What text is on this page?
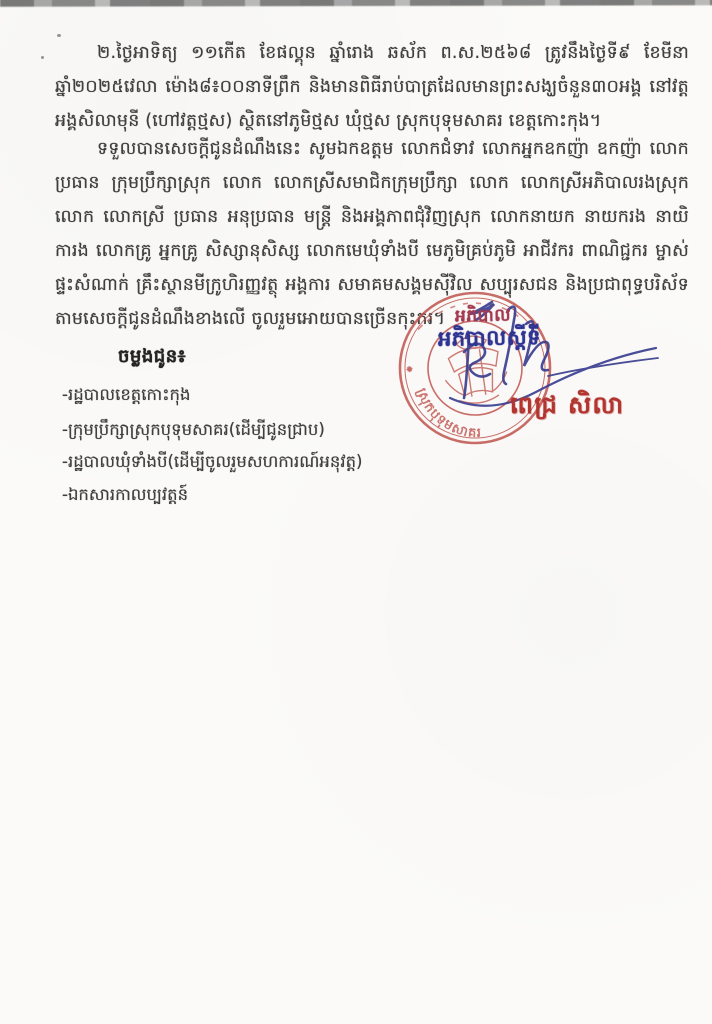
២.ថ្ងៃអាទិត្យ ១១កើត ខែផល្គុន ឆ្នាំរោង ឆស័ក ព.ស.២៥៦៨ ត្រូវនឹងថ្ងៃទី៩ ខែមីនា ឆ្នាំ២០២៥វេលា ម៉ោង៨៖០០នាទីព្រឹក និងមានពិធីរាប់បាត្រដែលមានព្រះសង្ឃចំនួន៣០អង្គ នៅវត្តអង្គសិលាមុនី (ហៅវត្តថ្មស) ស្ថិតនៅភូមិថ្មស ឃុំថ្មស ស្រុកបុទុមសាគរ ខេត្តកោះកុង។
ទទួលបានសេចក្ដីជូនដំណឹងនេះ សូមឯកឧត្តម លោកជំទាវ លោកអ្នកឧកញ៉ា ឧកញ៉ា លោកប្រធាន ក្រុមប្រឹក្សាស្រុក លោក លោកស្រីសមាជិកក្រុមប្រឹក្សា លោក លោកស្រីអភិបាលរងស្រុក លោក លោកស្រី ប្រធាន អនុប្រធាន មន្ត្រី និងអង្គភាពជុំវិញស្រុក លោកនាយក នាយករង នាយិការង លោកគ្រូ អ្នកគ្រូ សិស្សានុសិស្ស លោកមេឃុំទាំងបី មេភូមិគ្រប់ភូមិ អាជីវករ ពាណិជ្ជករ ម្ចាស់ផ្ទះសំណាក់ គ្រឹះស្ថានមីក្រូហិរញ្ញវត្ថុ អង្គការ សមាគមសង្គមស៊ីវិល សប្បុរសជន និងប្រជាពុទ្ធបរិស័ទ តាមសេចក្ដីជូនដំណឹងខាងលើ ចូលរួមអោយបានច្រើនកុះករ។
ស្រុកបុទុមសាគរ
អភិបាល
អភិបាលស្ដីទី
ពេជ្រ សិលា
ចម្លងជូន៖
-រដ្ឋបាលខេត្តកោះកុង
-ក្រុមប្រឹក្សាស្រុកបុទុមសាគរ(ដើម្បីជូនជ្រាប)
-រដ្ឋបាលឃុំទាំងបី(ដើម្បីចូលរួមសហការណ៍អនុវត្ត)
-ឯកសារកាលប្បវត្តន៍
